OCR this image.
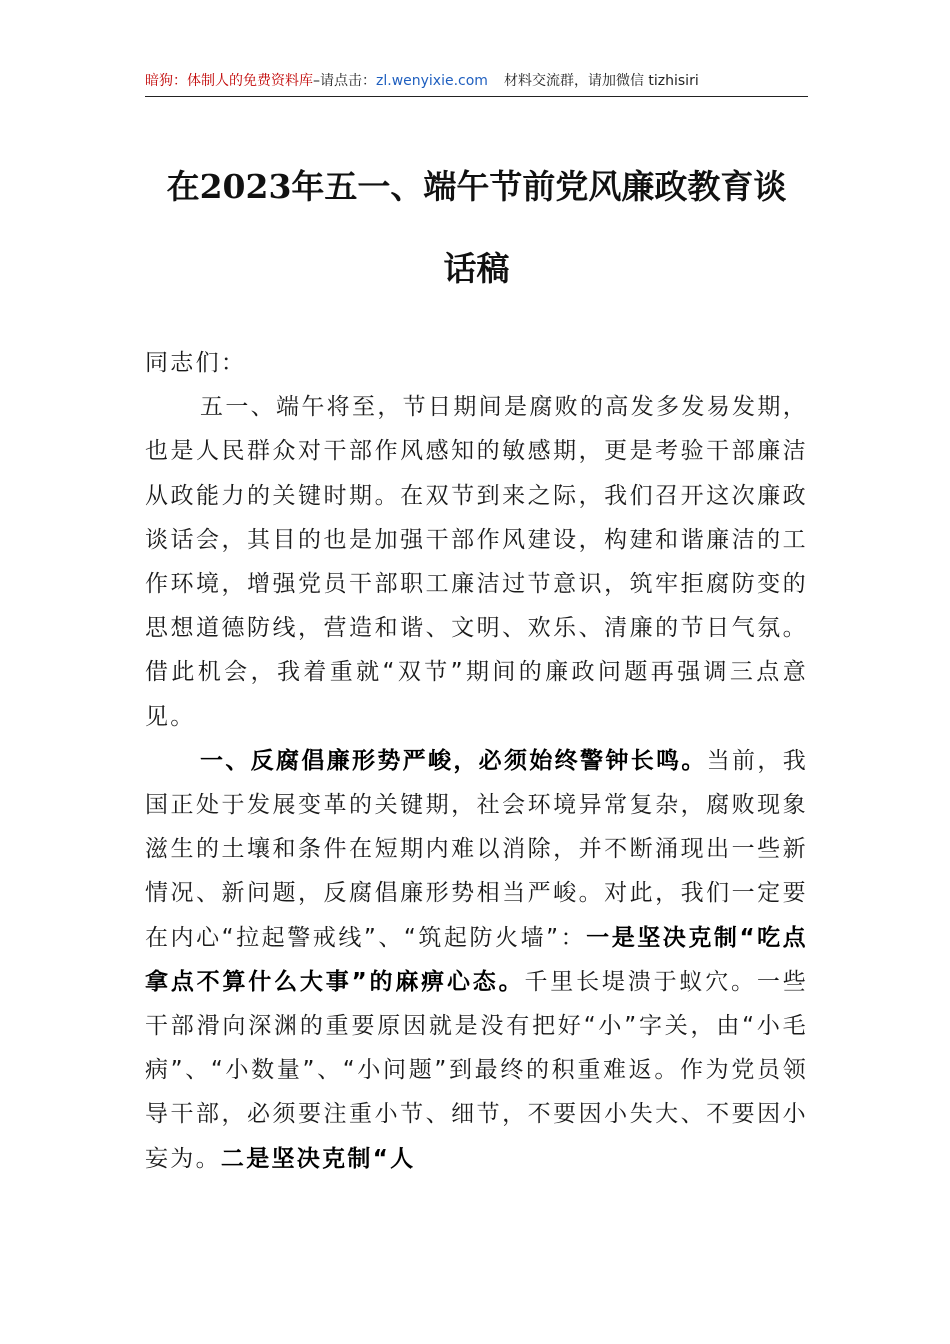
暗狗：体制人的免费资料库–请点击：zl.wenyixie.com 材料交流群，请加微信 tizhisiri
在2023年五一、端午节前党风廉政教育谈
话稿

同志们：

五一、端午将至，节日期间是腐败的高发多发易发期，也是人民群众对干部作风感知的敏感期，更是考验干部廉洁从政能力的关键时期。在双节到来之际，我们召开这次廉政谈话会，其目的也是加强干部作风建设，构建和谐廉洁的工作环境，增强党员干部职工廉洁过节意识，筑牢拒腐防变的思想道德防线，营造和谐、文明、欢乐、清廉的节日气氛。借此机会，我着重就“双节”期间的廉政问题再强调三点意见。

一、反腐倡廉形势严峻，必须始终警钟长鸣。当前，我国正处于发展变革的关键期，社会环境异常复杂，腐败现象滋生的土壤和条件在短期内难以消除，并不断涌现出一些新情况、新问题，反腐倡廉形势相当严峻。对此，我们一定要在内心“拉起警戒线”、“筑起防火墙”：一是坚决克制“吃点拿点不算什么大事”的麻痹心态。千里长堤溃于蚁穴。一些干部滑向深渊的重要原因就是没有把好“小”字关，由“小毛病”、“小数量”、“小问题”到最终的积重难返。作为党员领导干部，必须要注重小节、细节，不要因小失大、不要因小妄为。二是坚决克制“人
